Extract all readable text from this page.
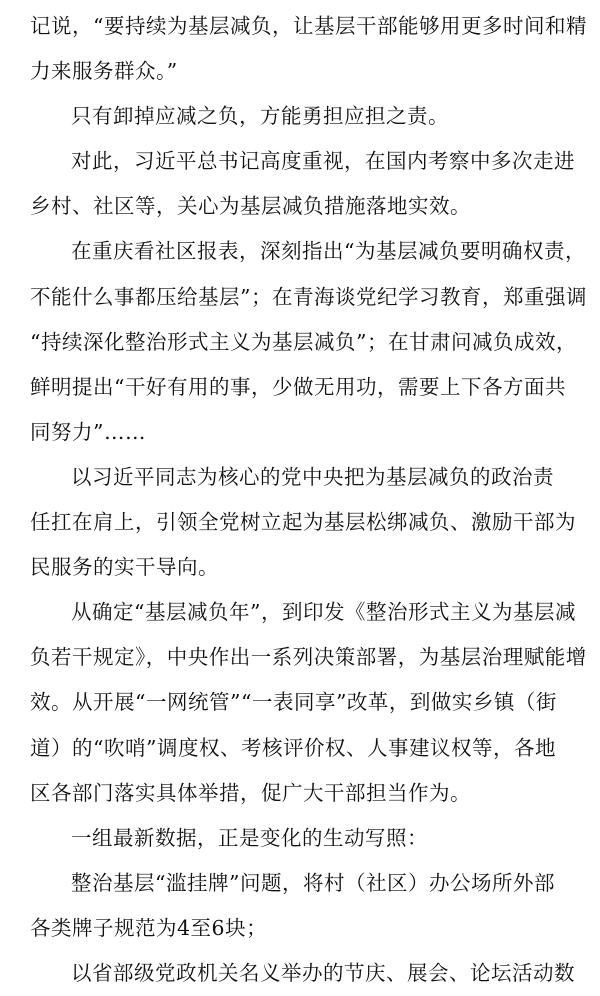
记说，“要持续为基层减负，让基层干部能够用更多时间和精
力来服务群众。”
只有卸掉应减之负，方能勇担应担之责。
对此，习近平总书记高度重视，在国内考察中多次走进
乡村、社区等，关心为基层减负措施落地实效。
在重庆看社区报表，深刻指出“为基层减负要明确权责，
不能什么事都压给基层”；在青海谈党纪学习教育，郑重强调
“持续深化整治形式主义为基层减负”；在甘肃问减负成效，
鲜明提出“干好有用的事，少做无用功，需要上下各方面共
同努力”……
以习近平同志为核心的党中央把为基层减负的政治责
任扛在肩上，引领全党树立起为基层松绑减负、激励干部为
民服务的实干导向。
从确定“基层减负年”，到印发《整治形式主义为基层减
负若干规定》，中央作出一系列决策部署，为基层治理赋能增
效。从开展“一网统管”“一表同享”改革，到做实乡镇（街
道）的“吹哨”调度权、考核评价权、人事建议权等，各地
区各部门落实具体举措，促广大干部担当作为。
一组最新数据，正是变化的生动写照：
整治基层“滥挂牌”问题，将村（社区）办公场所外部
各类牌子规范为4至6块；
以省部级党政机关名义举办的节庆、展会、论坛活动数
